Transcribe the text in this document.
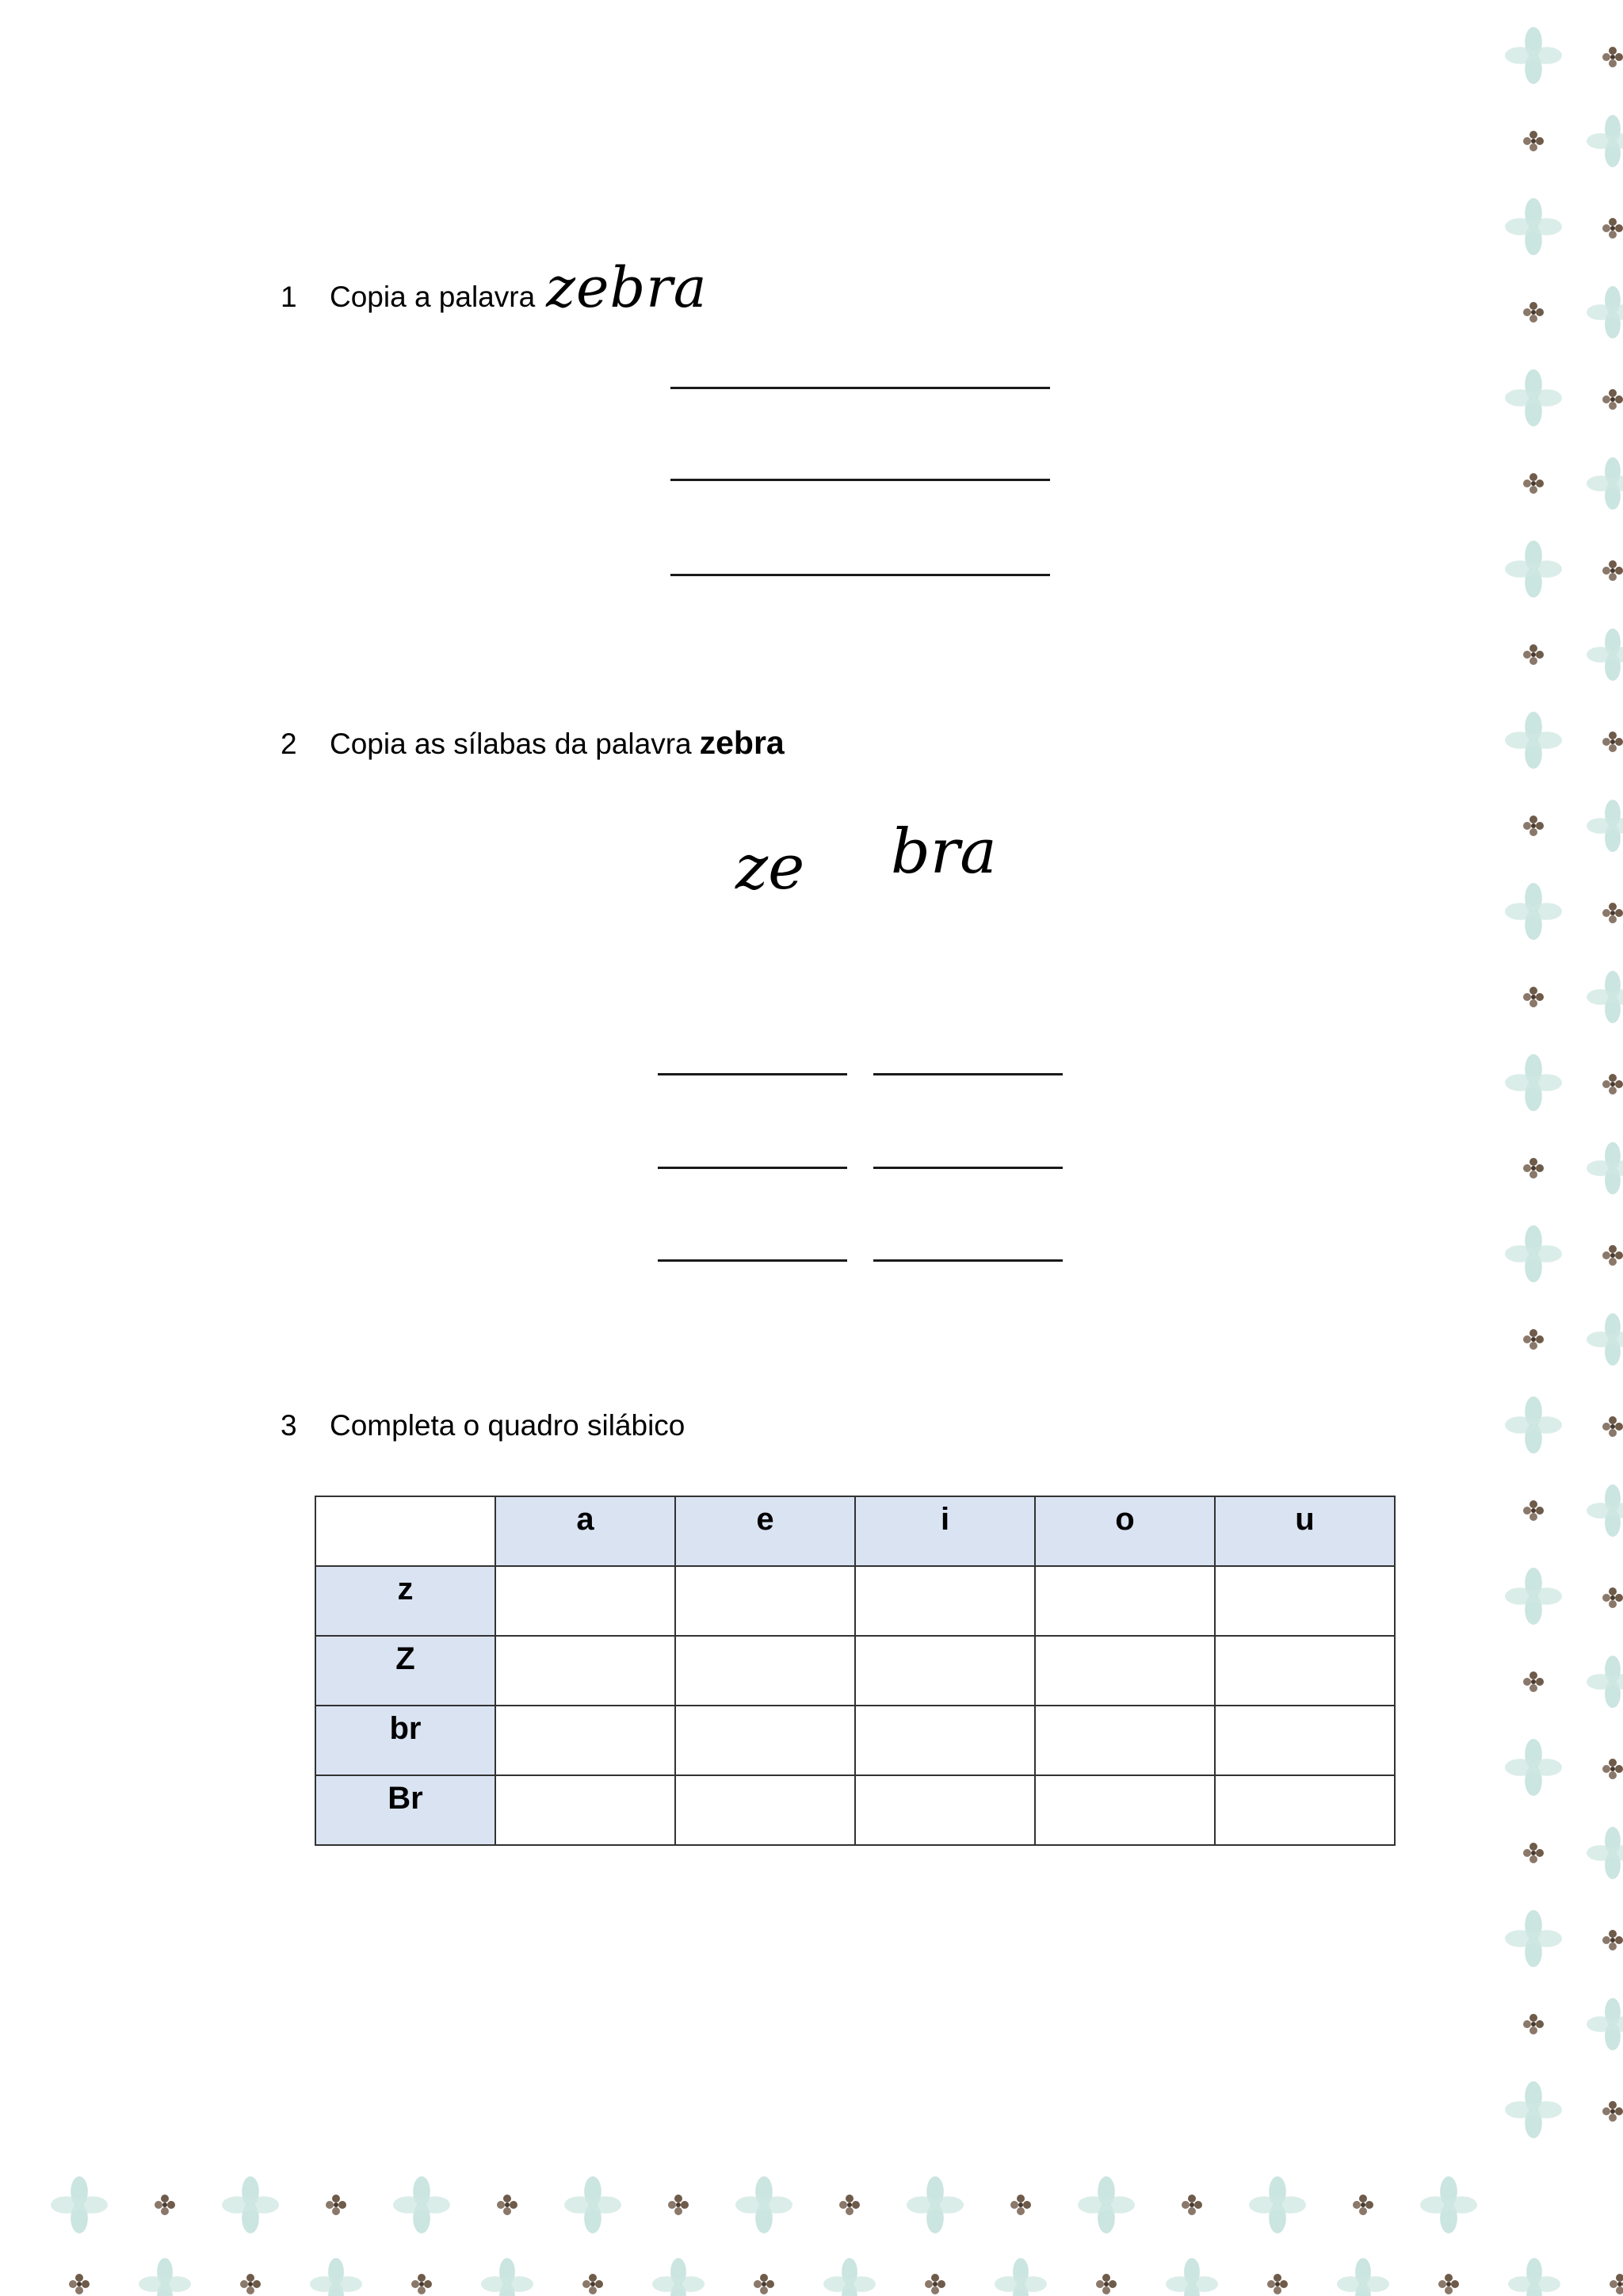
1	Copia a palavra zebra
2	Copia as sílabas da palavra zebra
ze bra
3	Completa o quadro silábico
	a	e	i	o	u
z					
Z					
br					
Br					
